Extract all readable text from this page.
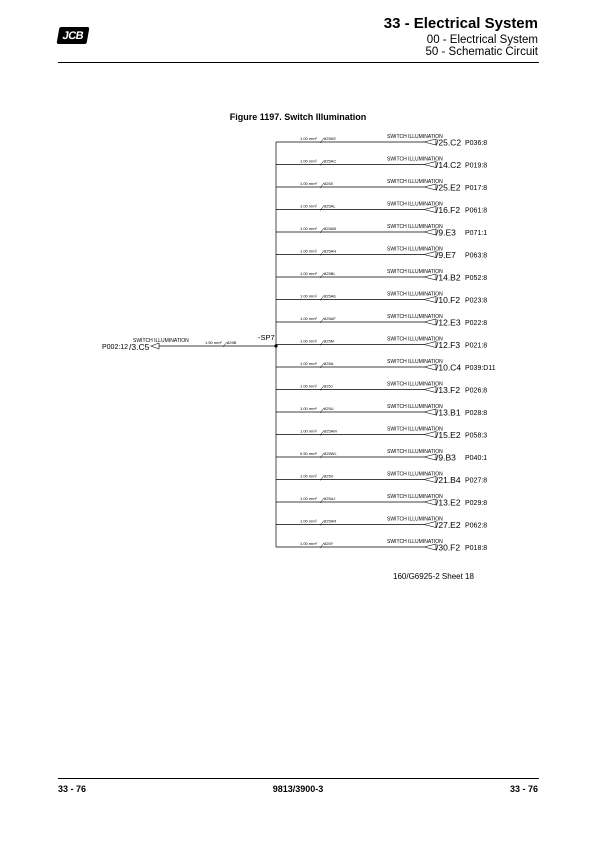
JCB
33 - Electrical System
00 - Electrical System
50 - Schematic Circuit
Figure 1197. Switch Illumination
P002:12 /3.C5
SWITCH ILLUMINATION	1.50 mm² 825B
-SP7
1.00 mm² 825KE	SWITCH ILLUMINATION
/25.C2 P036:8
1.00 mm² 825AC	SWITCH ILLUMINATION
/14.C2 P019:8
1.00 mm² 825X	SWITCH ILLUMINATION
/25.E2 P017:8
1.00 mm² 825AL	SWITCH ILLUMINATION
/16.F2 P061:8
1.00 mm² 825AB	SWITCH ILLUMINATION
/9.E3 P071:1
1.00 mm² 825AH	SWITCH ILLUMINATION
/9.E7 P063:8
1.00 mm² 825BL	SWITCH ILLUMINATION
/14.B2 P052:8
1.00 mm² 825AE	SWITCH ILLUMINATION
/10.F2 P023:8
1.00 mm² 825AF	SWITCH ILLUMINATION
/12.E3 P022:8
1.00 mm² 825M	SWITCH ILLUMINATION
/12.F3 P021:8
1.00 mm² 825A	SWITCH ILLUMINATION
/10.C4 P039:D11
1.00 mm² 825J	SWITCH ILLUMINATION
/13.F2 P026:8
1.00 mm² 825U	SWITCH ILLUMINATION
/13.B1 P028:8
1.00 mm² 825AM	SWITCH ILLUMINATION
/15.E2 P058:3
0.50 mm² 825WL	SWITCH ILLUMINATION
/9.B3 P040:1
1.00 mm² 825V	SWITCH ILLUMINATION
/21.B4 P027:8
1.00 mm² 825AJ	SWITCH ILLUMINATION
/13.E2 P029:8
1.00 mm² 825AR	SWITCH ILLUMINATION
/27.E2 P062:8
1.00 mm² 825Y	SWITCH ILLUMINATION
/30.F2 P018:8
160/G6925-2 Sheet 18
33 - 76	9813/3900-3	33 - 76
